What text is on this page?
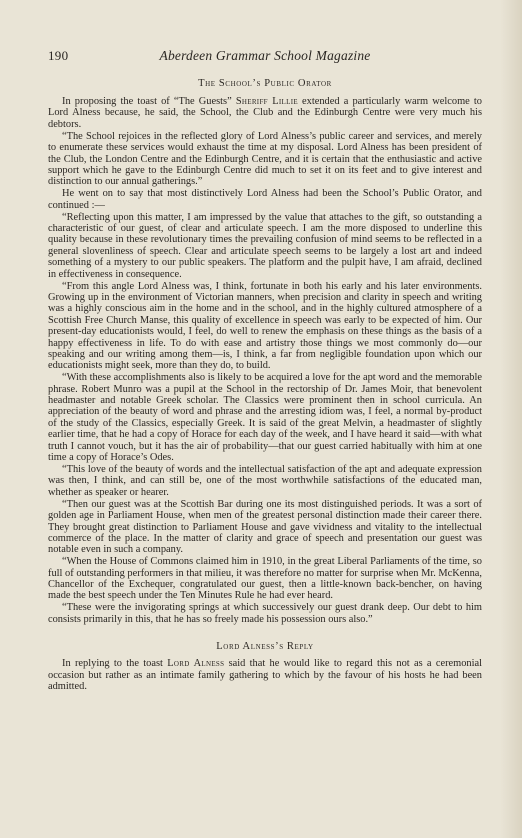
190	Aberdeen Grammar School Magazine
The School’s Public Orator

In proposing the toast of “The Guests” Sheriff Lillie extended a particularly warm welcome to Lord Alness because, he said, the School, the Club and the Edinburgh Centre were very much his debtors.

“The School rejoices in the reflected glory of Lord Alness’s public career and services, and merely to enumerate these services would exhaust the time at my disposal. Lord Alness has been president of the Club, the London Centre and the Edinburgh Centre, and it is certain that the enthusiastic and active support which he gave to the Edinburgh Centre did much to set it on its feet and to give interest and distinction to our annual gatherings.”

He went on to say that most distinctively Lord Alness had been the School’s Public Orator, and continued :—

“Reflecting upon this matter, I am impressed by the value that attaches to the gift, so outstanding a characteristic of our guest, of clear and articulate speech. I am the more disposed to underline this quality because in these revolutionary times the prevailing confusion of mind seems to be reflected in a general slovenliness of speech. Clear and articulate speech seems to be largely a lost art and indeed something of a mystery to our public speakers. The platform and the pulpit have, I am afraid, declined in effectiveness in consequence.

“From this angle Lord Alness was, I think, fortunate in both his early and his later environments. Growing up in the environment of Victorian manners, when precision and clarity in speech and writing was a highly conscious aim in the home and in the school, and in the highly cultured atmosphere of a Scottish Free Church Manse, this quality of excellence in speech was early to be expected of him. Our present-day educationists would, I feel, do well to renew the emphasis on these things as the basis of a happy effectiveness in life. To do with ease and artistry those things we most commonly do—our speaking and our writing among them—is, I think, a far from negligible foundation upon which our educationists might seek, more than they do, to build.

“With these accomplishments also is likely to be acquired a love for the apt word and the memorable phrase. Robert Munro was a pupil at the School in the rectorship of Dr. James Moir, that benevolent headmaster and notable Greek scholar. The Classics were prominent then in school curricula. An appreciation of the beauty of word and phrase and the arresting idiom was, I feel, a normal by-product of the study of the Classics, especially Greek. It is said of the great Melvin, a headmaster of slightly earlier time, that he had a copy of Horace for each day of the week, and I have heard it said—with what truth I cannot vouch, but it has the air of probability—that our guest carried habitually with him at one time a copy of Horace’s Odes.

“This love of the beauty of words and the intellectual satisfaction of the apt and adequate expression was then, I think, and can still be, one of the most worthwhile satisfactions of the educated man, whether as speaker or hearer.

“Then our guest was at the Scottish Bar during one its most distinguished periods. It was a sort of golden age in Parliament House, when men of the greatest personal distinction made their career there. They brought great distinction to Parliament House and gave vividness and vitality to the intellectual commerce of the place. In the matter of clarity and grace of speech and presentation our guest was notable even in such a company.

“When the House of Commons claimed him in 1910, in the great Liberal Parliaments of the time, so full of outstanding performers in that milieu, it was therefore no matter for surprise when Mr. McKenna, Chancellor of the Exchequer, congratulated our guest, then a little-known back-bencher, on having made the best speech under the Ten Minutes Rule he had ever heard.

“These were the invigorating springs at which successively our guest drank deep. Our debt to him consists primarily in this, that he has so freely made his possession ours also.”

Lord Alness’s Reply

In replying to the toast Lord Alness said that he would like to regard this not as a ceremonial occasion but rather as an intimate family gathering to which by the favour of his hosts he had been admitted.
